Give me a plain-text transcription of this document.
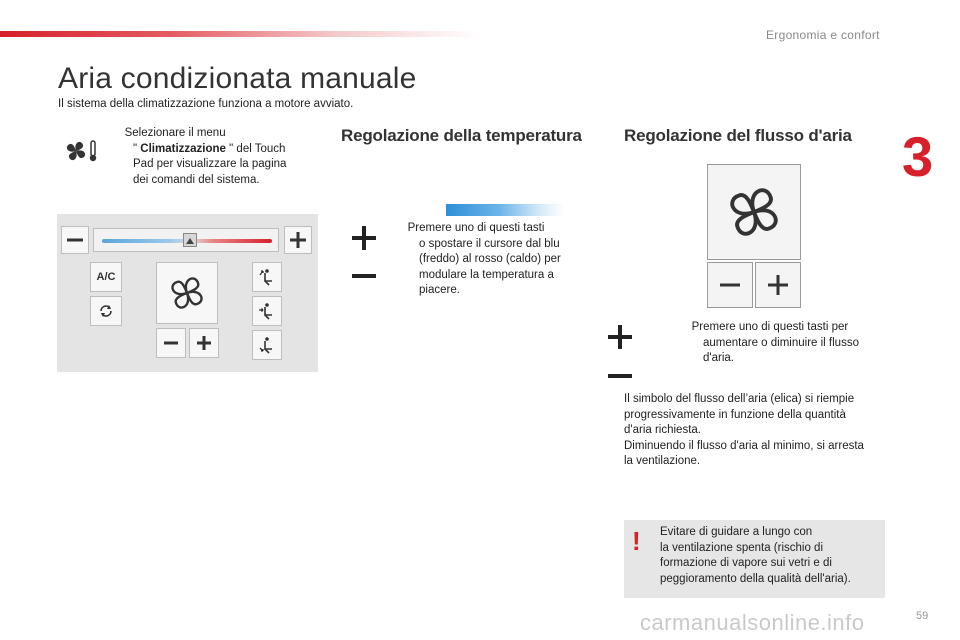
Ergonomia e confort
3
Aria condizionata manuale
Il sistema della climatizzazione funziona a motore avviato.
Selezionare il menu
" Climatizzazione " del Touch
Pad per visualizzare la pagina
dei comandi del sistema.
A/C
Regolazione della temperatura
Premere uno di questi tasti
o spostare il cursore dal blu
(freddo) al rosso (caldo) per
modulare la temperatura a
piacere.
Regolazione del flusso d'aria
Premere uno di questi tasti per
aumentare o diminuire il flusso
d'aria.
Il simbolo del flusso dell’aria (elica) si riempie
progressivamente in funzione della quantità
d'aria richiesta.
Diminuendo il flusso d'aria al minimo, si arresta
la ventilazione.
! Evitare di guidare a lungo con
la ventilazione spenta (rischio di
formazione di vapore sui vetri e di
peggioramento della qualità dell'aria).
carmanualsonline.info	59
